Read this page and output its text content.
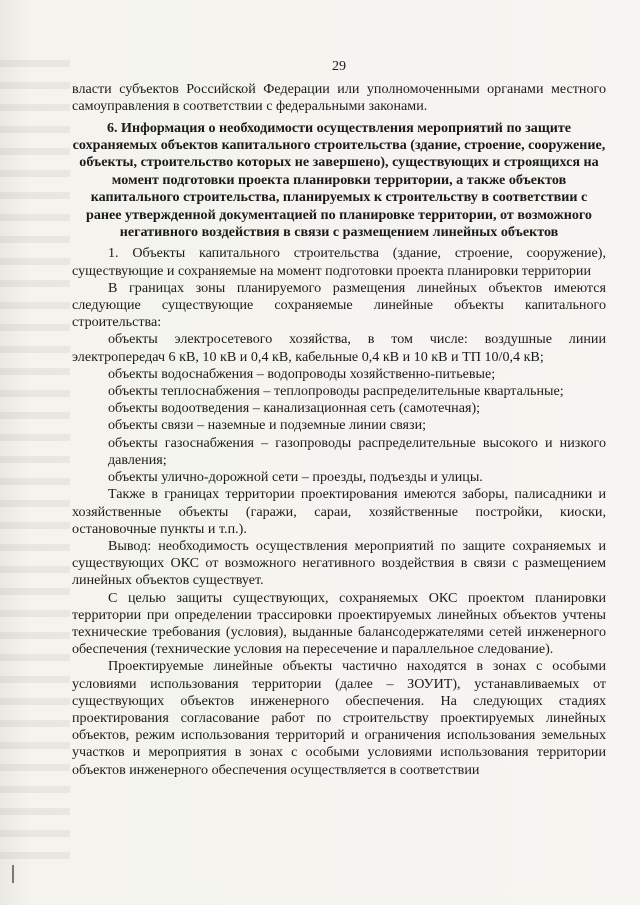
29

власти субъектов Российской Федерации или уполномоченными органами местного самоуправления в соответствии с федеральными законами.

6. Информация о необходимости осуществления мероприятий по защите сохраняемых объектов капитального строительства (здание, строение, сооружение, объекты, строительство которых не завершено), существующих и строящихся на момент подготовки проекта планировки территории, а также объектов капитального строительства, планируемых к строительству в соответствии с ранее утвержденной документацией по планировке территории, от возможного негативного воздействия в связи с размещением линейных объектов

1. Объекты капитального строительства (здание, строение, сооружение), существующие и сохраняемые на момент подготовки проекта планировки территории

В границах зоны планируемого размещения линейных объектов имеются следующие существующие сохраняемые линейные объекты капитального строительства:

объекты электросетевого хозяйства, в том числе: воздушные линии электропередач 6 кВ, 10 кВ и 0,4 кВ, кабельные 0,4 кВ и 10 кВ и ТП 10/0,4 кВ;

объекты водоснабжения – водопроводы хозяйственно-питьевые;

объекты теплоснабжения – теплопроводы распределительные квартальные;

объекты водоотведения – канализационная сеть (самотечная);

объекты связи – наземные и подземные линии связи;

объекты газоснабжения – газопроводы распределительные высокого и низкого давления;

объекты улично-дорожной сети – проезды, подъезды и улицы.

Также в границах территории проектирования имеются заборы, палисадники и хозяйственные объекты (гаражи, сараи, хозяйственные постройки, киоски, остановочные пункты и т.п.).

Вывод: необходимость осуществления мероприятий по защите сохраняемых и существующих ОКС от возможного негативного воздействия в связи с размещением линейных объектов существует.

С целью защиты существующих, сохраняемых ОКС проектом планировки территории при определении трассировки проектируемых линейных объектов учтены технические требования (условия), выданные балансодержателями сетей инженерного обеспечения (технические условия на пересечение и параллельное следование).

Проектируемые линейные объекты частично находятся в зонах с особыми условиями использования территории (далее – ЗОУИТ), устанавливаемых от существующих объектов инженерного обеспечения. На следующих стадиях проектирования согласование работ по строительству проектируемых линейных объектов, режим использования территорий и ограничения использования земельных участков и мероприятия в зонах с особыми условиями использования территории объектов инженерного обеспечения осуществляется в соответствии
